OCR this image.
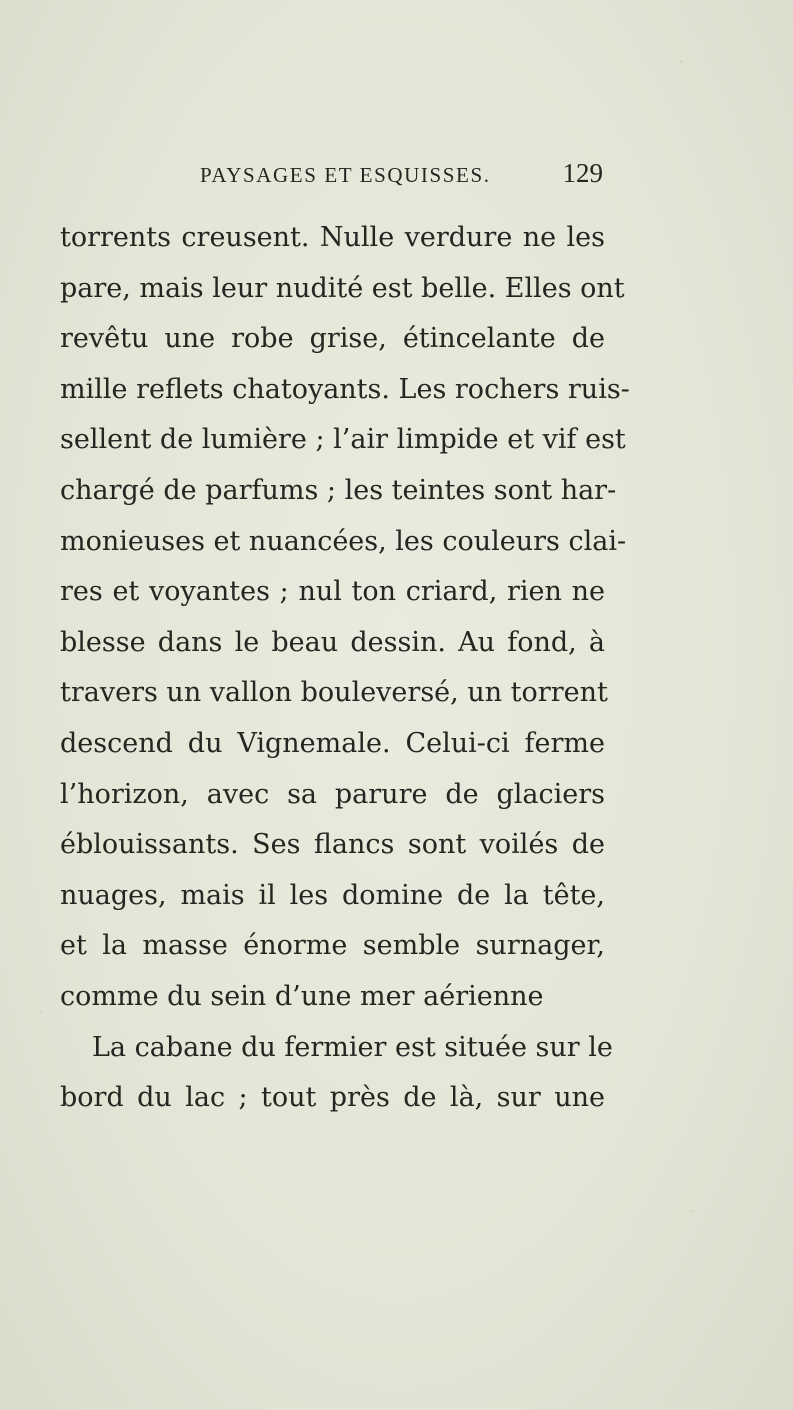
PAYSAGES ET ESQUISSES.	129
torrents creusent. Nulle verdure ne les
pare, mais leur nudité est belle. Elles ont
revêtu une robe grise, étincelante de
mille reflets chatoyants. Les rochers ruis-
sellent de lumière ; l’air limpide et vif est
chargé de parfums ; les teintes sont har-
monieuses et nuancées, les couleurs clai-
res et voyantes ; nul ton criard, rien ne
blesse dans le beau dessin. Au fond, à
travers un vallon bouleversé, un torrent
descend du Vignemale. Celui-ci ferme
l’horizon, avec sa parure de glaciers
éblouissants. Ses flancs sont voilés de
nuages, mais il les domine de la tête,
et la masse énorme semble surnager,
comme du sein d’une mer aérienne
La cabane du fermier est située sur le
bord du lac ; tout près de là, sur une
